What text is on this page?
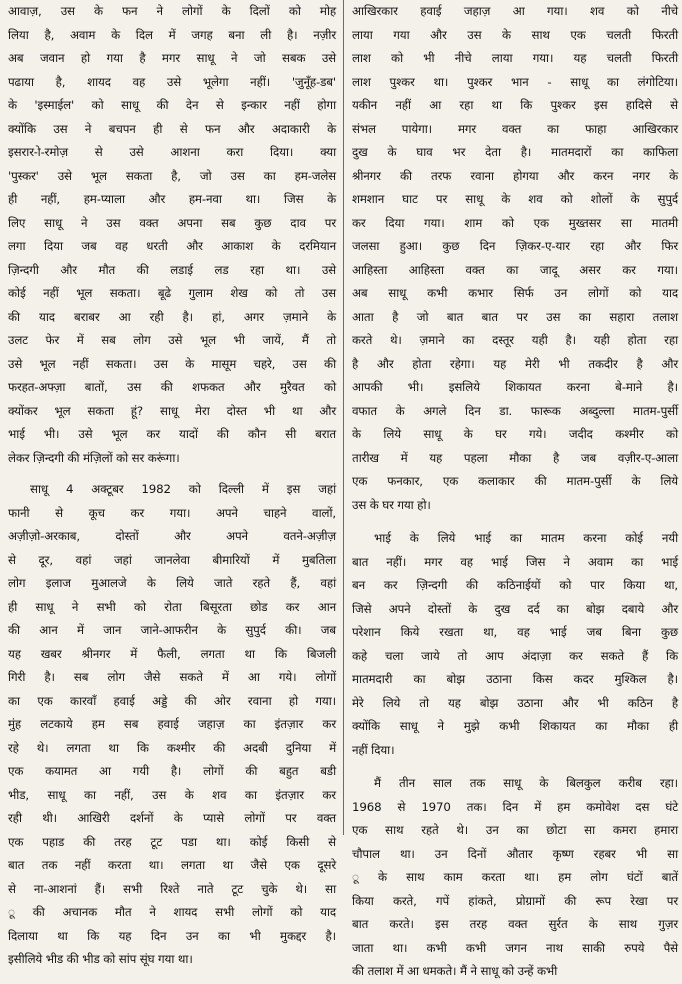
आवाज़, उस के फन ने लोगों के दिलों को मोह
लिया है, अवाम के दिल में जगह बना ली है। नज़ीर
अब जवान हो गया है मगर साधू ने जो सबक उसे
पढाया है, शायद वह उसे भूलेगा नहीं। 'जुनूँह-डब'
के 'इस्माईल' को साधू की देन से इन्कार नहीं होगा
क्योंकि उस ने बचपन ही से फन और अदाकारी के
इसरार-ो-रमोज़ से उसे आशना करा दिया। क्या
'पुस्कर' उसे भूल सकता है, जो उस का हम-जलेस
ही नहीं, हम-प्याला और हम-नवा था। जिस के
लिए साधू ने उस वक्त अपना सब कुछ दाव पर
लगा दिया जब वह धरती और आकाश के दरमियान
ज़िन्दगी और मौत की लडाई लड रहा था। उसे
कोई नहीं भूल सकता। बूढे गुलाम शेख को तो उस
की याद बराबर आ रही है। हां, अगर ज़माने के
उलट फेर में सब लोग उसे भूल भी जायें, मैं तो
उसे भूल नहीं सकता। उस के मासूम चहरे, उस की
फरहत-अफ्ज़ा बातों, उस की शफकत और मुरैवत को
क्योंकर भूल सकता हूं? साधू मेरा दोस्त भी था और
भाई भी। उसे भूल कर यादों की कौन सी बरात
लेकर ज़िन्दगी की मंज़िलों को सर करूंगा।
साधू 4 अक्टूबर 1982 को दिल्ली में इस जहां
फानी से कूच कर गया। अपने चाहने वालों,
अज़ीज़ो-अरकाब, दोस्तों और अपने वतने-अज़ीज़
से दूर, वहां जहां जानलेवा बीमारियों में मुबतिला
लोग इलाज मुआलजे के लिये जाते रहते हैं, वहां
ही साधू ने सभी को रोता बिसूरता छोड कर आन
की आन में जान जाने-आफरीन के सुपुर्द की। जब
यह खबर श्रीनगर में फैली, लगता था कि बिजली
गिरी है। सब लोग जैसे सकते में आ गये। लोगों
का एक कारवाँ हवाई अड्डे की ओर रवाना हो गया।
मुंह लटकाये हम सब हवाई जहाज़ का इंतज़ार कर
रहे थे। लगता था कि कश्मीर की अदबी दुनिया में
एक कयामत आ गयी है। लोगों की बहुत बडी
भीड, साधू का नहीं, उस के शव का इंतज़ार कर
रही थी। आखिरी दर्शनों के प्यासे लोगों पर वक्त
एक पहाड की तरह टूट पडा था। कोई किसी से
बात तक नहीं करता था। लगता था जैसे एक दूसरे
से ना-आशनां हैं। सभी रिश्ते नाते टूट चुके थे। सा
ू की अचानक मौत ने शायद सभी लोगों को याद
दिलाया था कि यह दिन उन का भी मुकद्दर है।
इसीलिये भीड की भीड को सांप सूंघ गया था।
आखिरकार हवाई जहाज़ आ गया। शव को नीचे
लाया गया और उस के साथ एक चलती फिरती
लाश को भी नीचे लाया गया। यह चलती फिरती
लाश पुश्कर था। पुश्कर भान - साधू का लंगोटिया।
यकीन नहीं आ रहा था कि पुश्कर इस हादिसे से
संभल पायेगा। मगर वक्त का फाहा आखिरकार
दुख के घाव भर देता है। मातमदारों का काफिला
श्रीनगर की तरफ रवाना होगया और करन नगर के
शमशान घाट पर साधू के शव को शोलों के सुपुर्द
कर दिया गया। शाम को एक मुख्तसर सा मातमी
जलसा हुआ। कुछ दिन ज़िकर-ए-यार रहा और फिर
आहिस्ता आहिस्ता वक्त का जादू असर कर गया।
अब साधू कभी कभार सिर्फ उन लोगों को याद
आता है जो बात बात पर उस का सहारा तलाश
करते थे। ज़माने का दस्तूर यही है। यही होता रहा
है और होता रहेगा। यह मेरी भी तकदीर है और
आपकी भी। इसलिये शिकायत करना बे-माने है।
वफात के अगले दिन डा. फारूक अब्दुल्ला मातम-पुर्सी
के लिये साधू के घर गये। जदीद कश्मीर को
तारीख में यह पहला मौका है जब वज़ीर-ए-आला
एक फनकार, एक कलाकार की मातम-पुर्सी के लिये
उस के घर गया हो।
भाई के लिये भाई का मातम करना कोई नयी
बात नहीं। मगर वह भाई जिस ने अवाम का भाई
बन कर ज़िन्दगी की कठिनाईयों को पार किया था,
जिसे अपने दोस्तों के दुख दर्द का बोझ दबाये और
परेशान किये रखता था, वह भाई जब बिना कुछ
कहे चला जाये तो आप अंदाज़ा कर सकते हैं कि
मातमदारी का बोझ उठाना किस कदर मुश्किल है।
मेरे लिये तो यह बोझ उठाना और भी कठिन है
क्योंकि साधू ने मुझे कभी शिकायत का मौका ही
नहीं दिया।
मैं तीन साल तक साधू के बिलकुल करीब रहा।
1968 से 1970 तक। दिन में हम कमोवेश दस घंटे
एक साथ रहते थे। उन का छोटा सा कमरा हमारा
चौपाल था। उन दिनों औतार कृष्ण रहबर भी सा
ू के साथ काम करता था। हम लोग घंटों बातें
किया करते, गपें हांकते, प्रोग्रामों की रूप रेखा पर
बात करते। इस तरह वक्त सुर्रत के साथ गुज़र
जाता था। कभी कभी जगन नाथ साकी रुपये पैसे
की तलाश में आ धमकते। मैं ने साधू को उन्हें कभी
